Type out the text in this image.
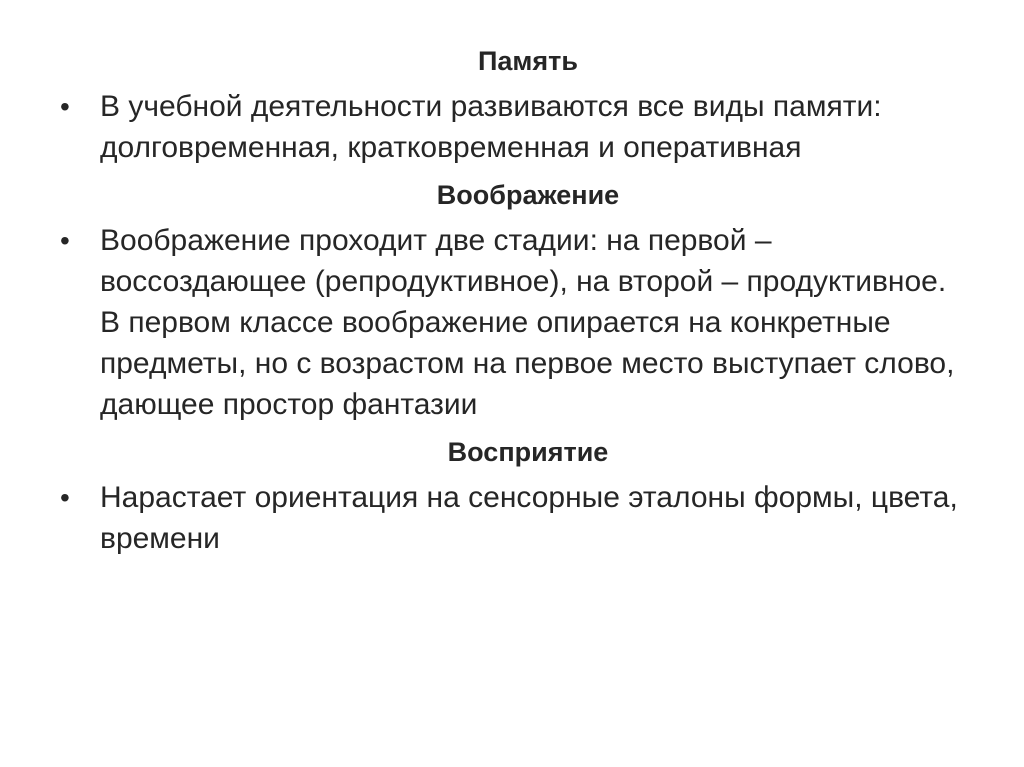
Память
•	В учебной деятельности развиваются все виды памяти: долговременная, кратковременная и оперативная
Воображение
•	Воображение проходит две стадии: на первой – воссоздающее (репродуктивное), на второй – продуктивное. В первом классе воображение опирается на конкретные предметы, но с возрастом на первое место выступает слово, дающее простор фантазии
Восприятие
•	Нарастает ориентация на сенсорные эталоны формы, цвета, времени
